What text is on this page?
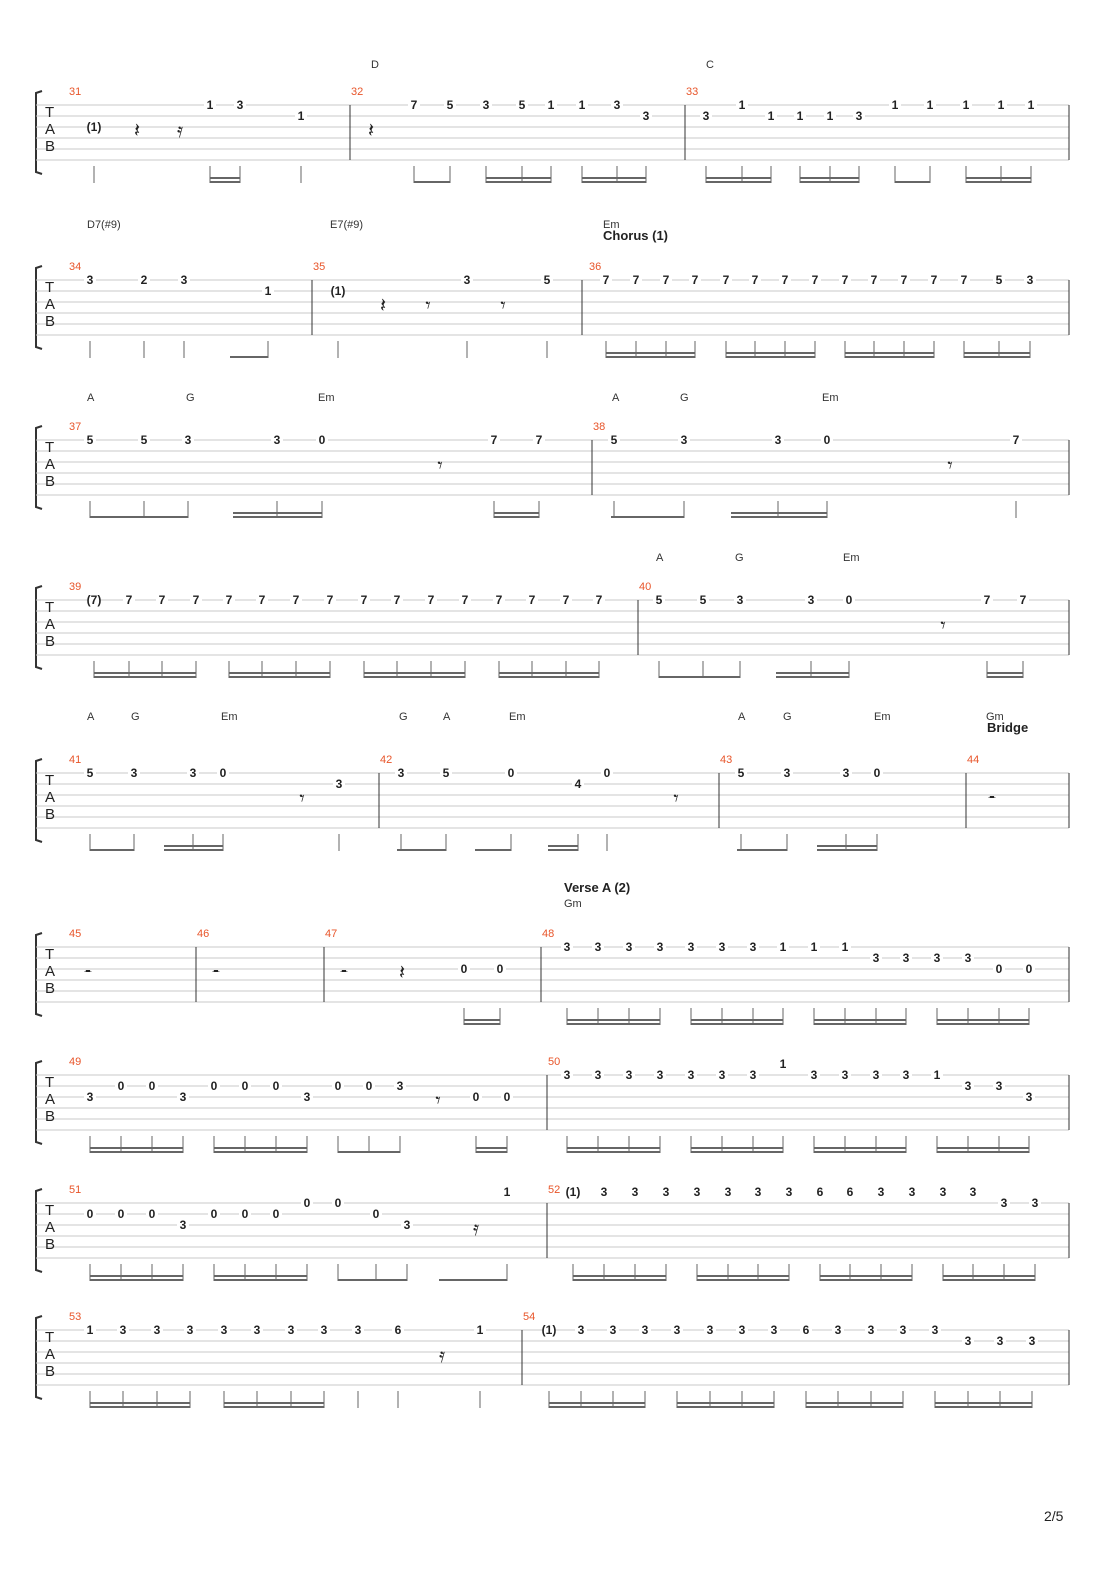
T
A
B
31	32	33
D	C
(1)
1 3
1
7 5 3 5 1 1 3
3	3
1
1 1 1 3
1 1 1 1 1
𝄽 𝄿	𝄽
T
A
B
34	35	36
D7(#9)	E7(#9)	Em
Chorus (1)
3	2	3
1	(1)
3	5	7 7 7 7 7 7 7 7 7 7 7 7 7 5 3
𝄽 𝄾	𝄾
T
A
B
37	38
A	G	Em	A	G	Em
5	5	3	3	0	7	7	5	3	3	0	7
𝄾	𝄾
T
A
B
39	40
A	G	Em
(7) 7 7 7 7 7 7 7 7 7 7 7 7 7 7 7	5	5	3	3	0	7 7
𝄾
T
A
B
41	42	43	44
A	G	Em	G	A	Em	A	G	Em	Gm
Bridge
5	3	3 0
3
3	5	0
4
0	5	3	3 0
𝄾	𝄾	𝄼
T
A
B
45	46	47	48
Gm
Verse A (2)
0 0
3 3 3 3 3 3 3 1 1 1
3 3 3 3
0 0
𝄼	𝄼	𝄼	𝄽
T
A
B
49	50
3
0 0
3
0 0 0
3
0 0 3
0 0
3 3 3 3 3 3 3
1
3 3 3 3 1
3 3
3
𝄾
T
A
B
51	52
0 0 0
3
0 0 0
0 0
0
3
1	(1) 3 3 3 3 3 3 3 6 6 3 3 3 3
3 3
𝄿
T
A
B
53	54
1 3 3 3 3 3 3 3 3	6	1	(1) 3 3 3 3 3 3 3 6 3 3 3 3
3 3 3
𝄿
2/5
